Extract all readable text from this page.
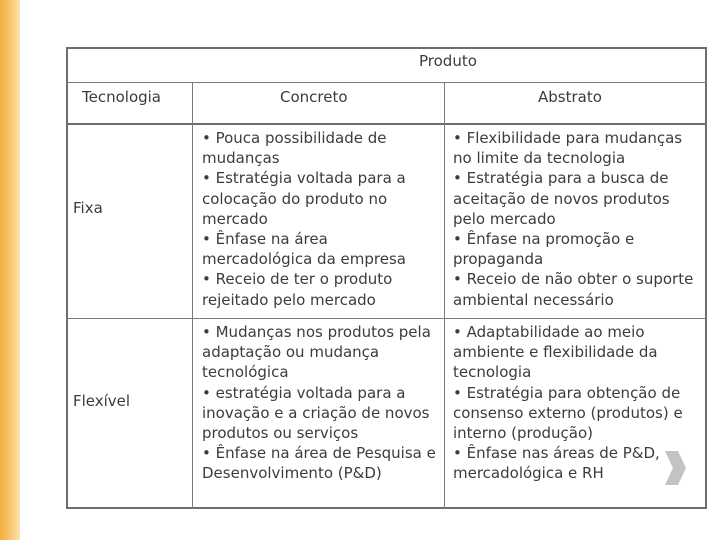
Produto
Tecnologia	Concreto	Abstrato
Fixa
• Pouca possibilidade de mudanças
• Estratégia voltada para a colocação do produto no mercado
• Ênfase na área mercadológica da empresa
• Receio de ter o produto rejeitado pelo mercado
• Flexibilidade para mudanças no limite da tecnologia
• Estratégia para a busca de aceitação de novos produtos pelo mercado
• Ênfase na promoção e propaganda
• Receio de não obter o suporte ambiental necessário
Flexível
• Mudanças nos produtos pela adaptação ou mudança tecnológica
• estratégia voltada para a inovação e a criação de novos produtos ou serviços
• Ênfase na área de Pesquisa e Desenvolvimento (P&D)
• Adaptabilidade ao meio ambiente e flexibilidade da tecnologia
• Estratégia para obtenção de consenso externo (produtos) e interno (produção)
• Ênfase nas áreas de P&D, mercadológica e RH
